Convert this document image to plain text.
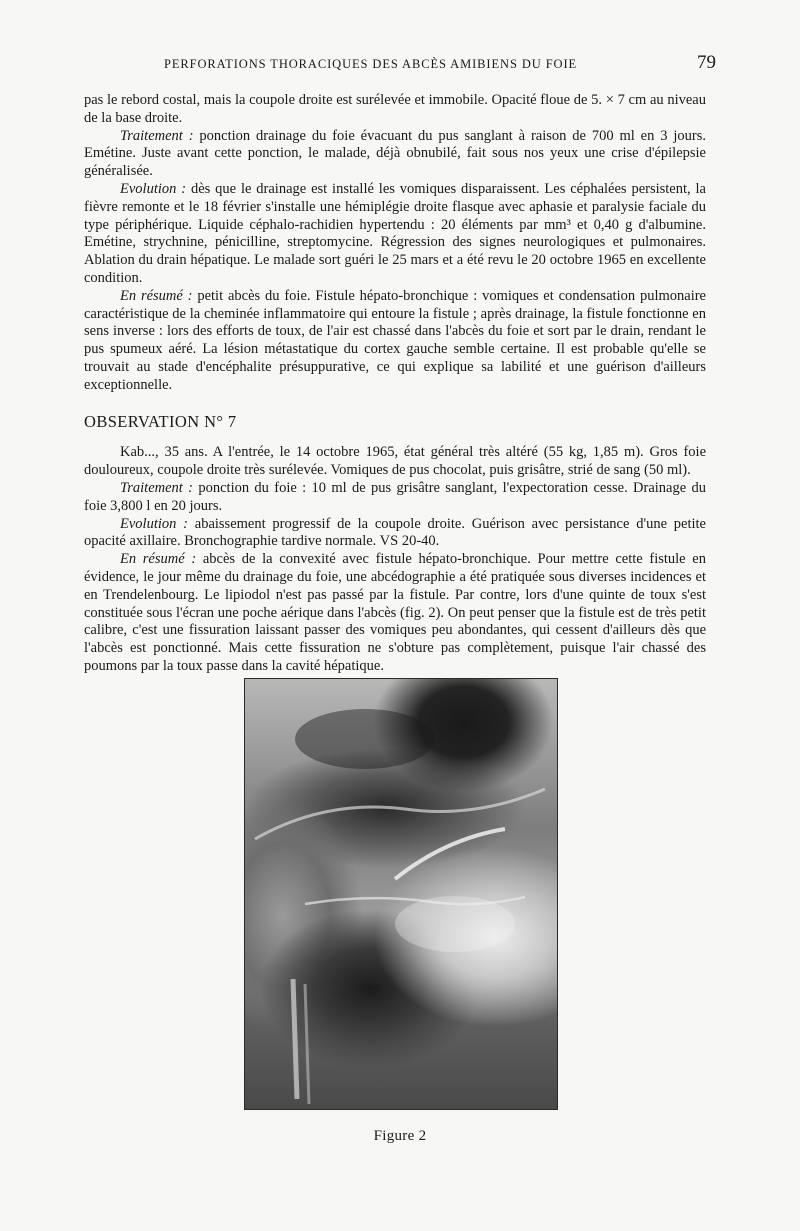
PERFORATIONS THORACIQUES DES ABCÈS AMIBIENS DU FOIE	79

pas le rebord costal, mais la coupole droite est surélevée et immobile. Opacité floue de 5. × 7 cm au niveau de la base droite.

Traitement : ponction drainage du foie évacuant du pus sanglant à raison de 700 ml en 3 jours. Emétine. Juste avant cette ponction, le malade, déjà obnubilé, fait sous nos yeux une crise d'épilepsie généralisée.

Evolution : dès que le drainage est installé les vomiques disparaissent. Les céphalées persistent, la fièvre remonte et le 18 février s'installe une hémiplégie droite flasque avec aphasie et paralysie faciale du type périphérique. Liquide céphalo-rachidien hypertendu : 20 éléments par mm³ et 0,40 g d'albumine. Emétine, strychnine, pénicilline, streptomycine. Régression des signes neurologiques et pulmonaires. Ablation du drain hépatique. Le malade sort guéri le 25 mars et a été revu le 20 octobre 1965 en excellente condition.

En résumé : petit abcès du foie. Fistule hépato-bronchique : vomiques et condensation pulmonaire caractéristique de la cheminée inflammatoire qui entoure la fistule ; après drainage, la fistule fonctionne en sens inverse : lors des efforts de toux, de l'air est chassé dans l'abcès du foie et sort par le drain, rendant le pus spumeux aéré. La lésion métastatique du cortex gauche semble certaine. Il est probable qu'elle se trouvait au stade d'encéphalite présuppurative, ce qui explique sa labilité et une guérison d'ailleurs exceptionnelle.

OBSERVATION N° 7

Kab..., 35 ans. A l'entrée, le 14 octobre 1965, état général très altéré (55 kg, 1,85 m). Gros foie douloureux, coupole droite très surélevée. Vomiques de pus chocolat, puis grisâtre, strié de sang (50 ml).

Traitement : ponction du foie : 10 ml de pus grisâtre sanglant, l'expectoration cesse. Drainage du foie 3,800 l en 20 jours.

Evolution : abaissement progressif de la coupole droite. Guérison avec persistance d'une petite opacité axillaire. Bronchographie tardive normale. VS 20-40.

En résumé : abcès de la convexité avec fistule hépato-bronchique. Pour mettre cette fistule en évidence, le jour même du drainage du foie, une abcédographie a été pratiquée sous diverses incidences et en Trendelenbourg. Le lipiodol n'est pas passé par la fistule. Par contre, lors d'une quinte de toux s'est constituée sous l'écran une poche aérique dans l'abcès (fig. 2). On peut penser que la fistule est de très petit calibre, c'est une fissuration laissant passer des vomiques peu abondantes, qui cessent d'ailleurs dès que l'abcès est ponctionné. Mais cette fissuration ne s'obture pas complètement, puisque l'air chassé des poumons par la toux passe dans la cavité hépatique.

Figure 2
